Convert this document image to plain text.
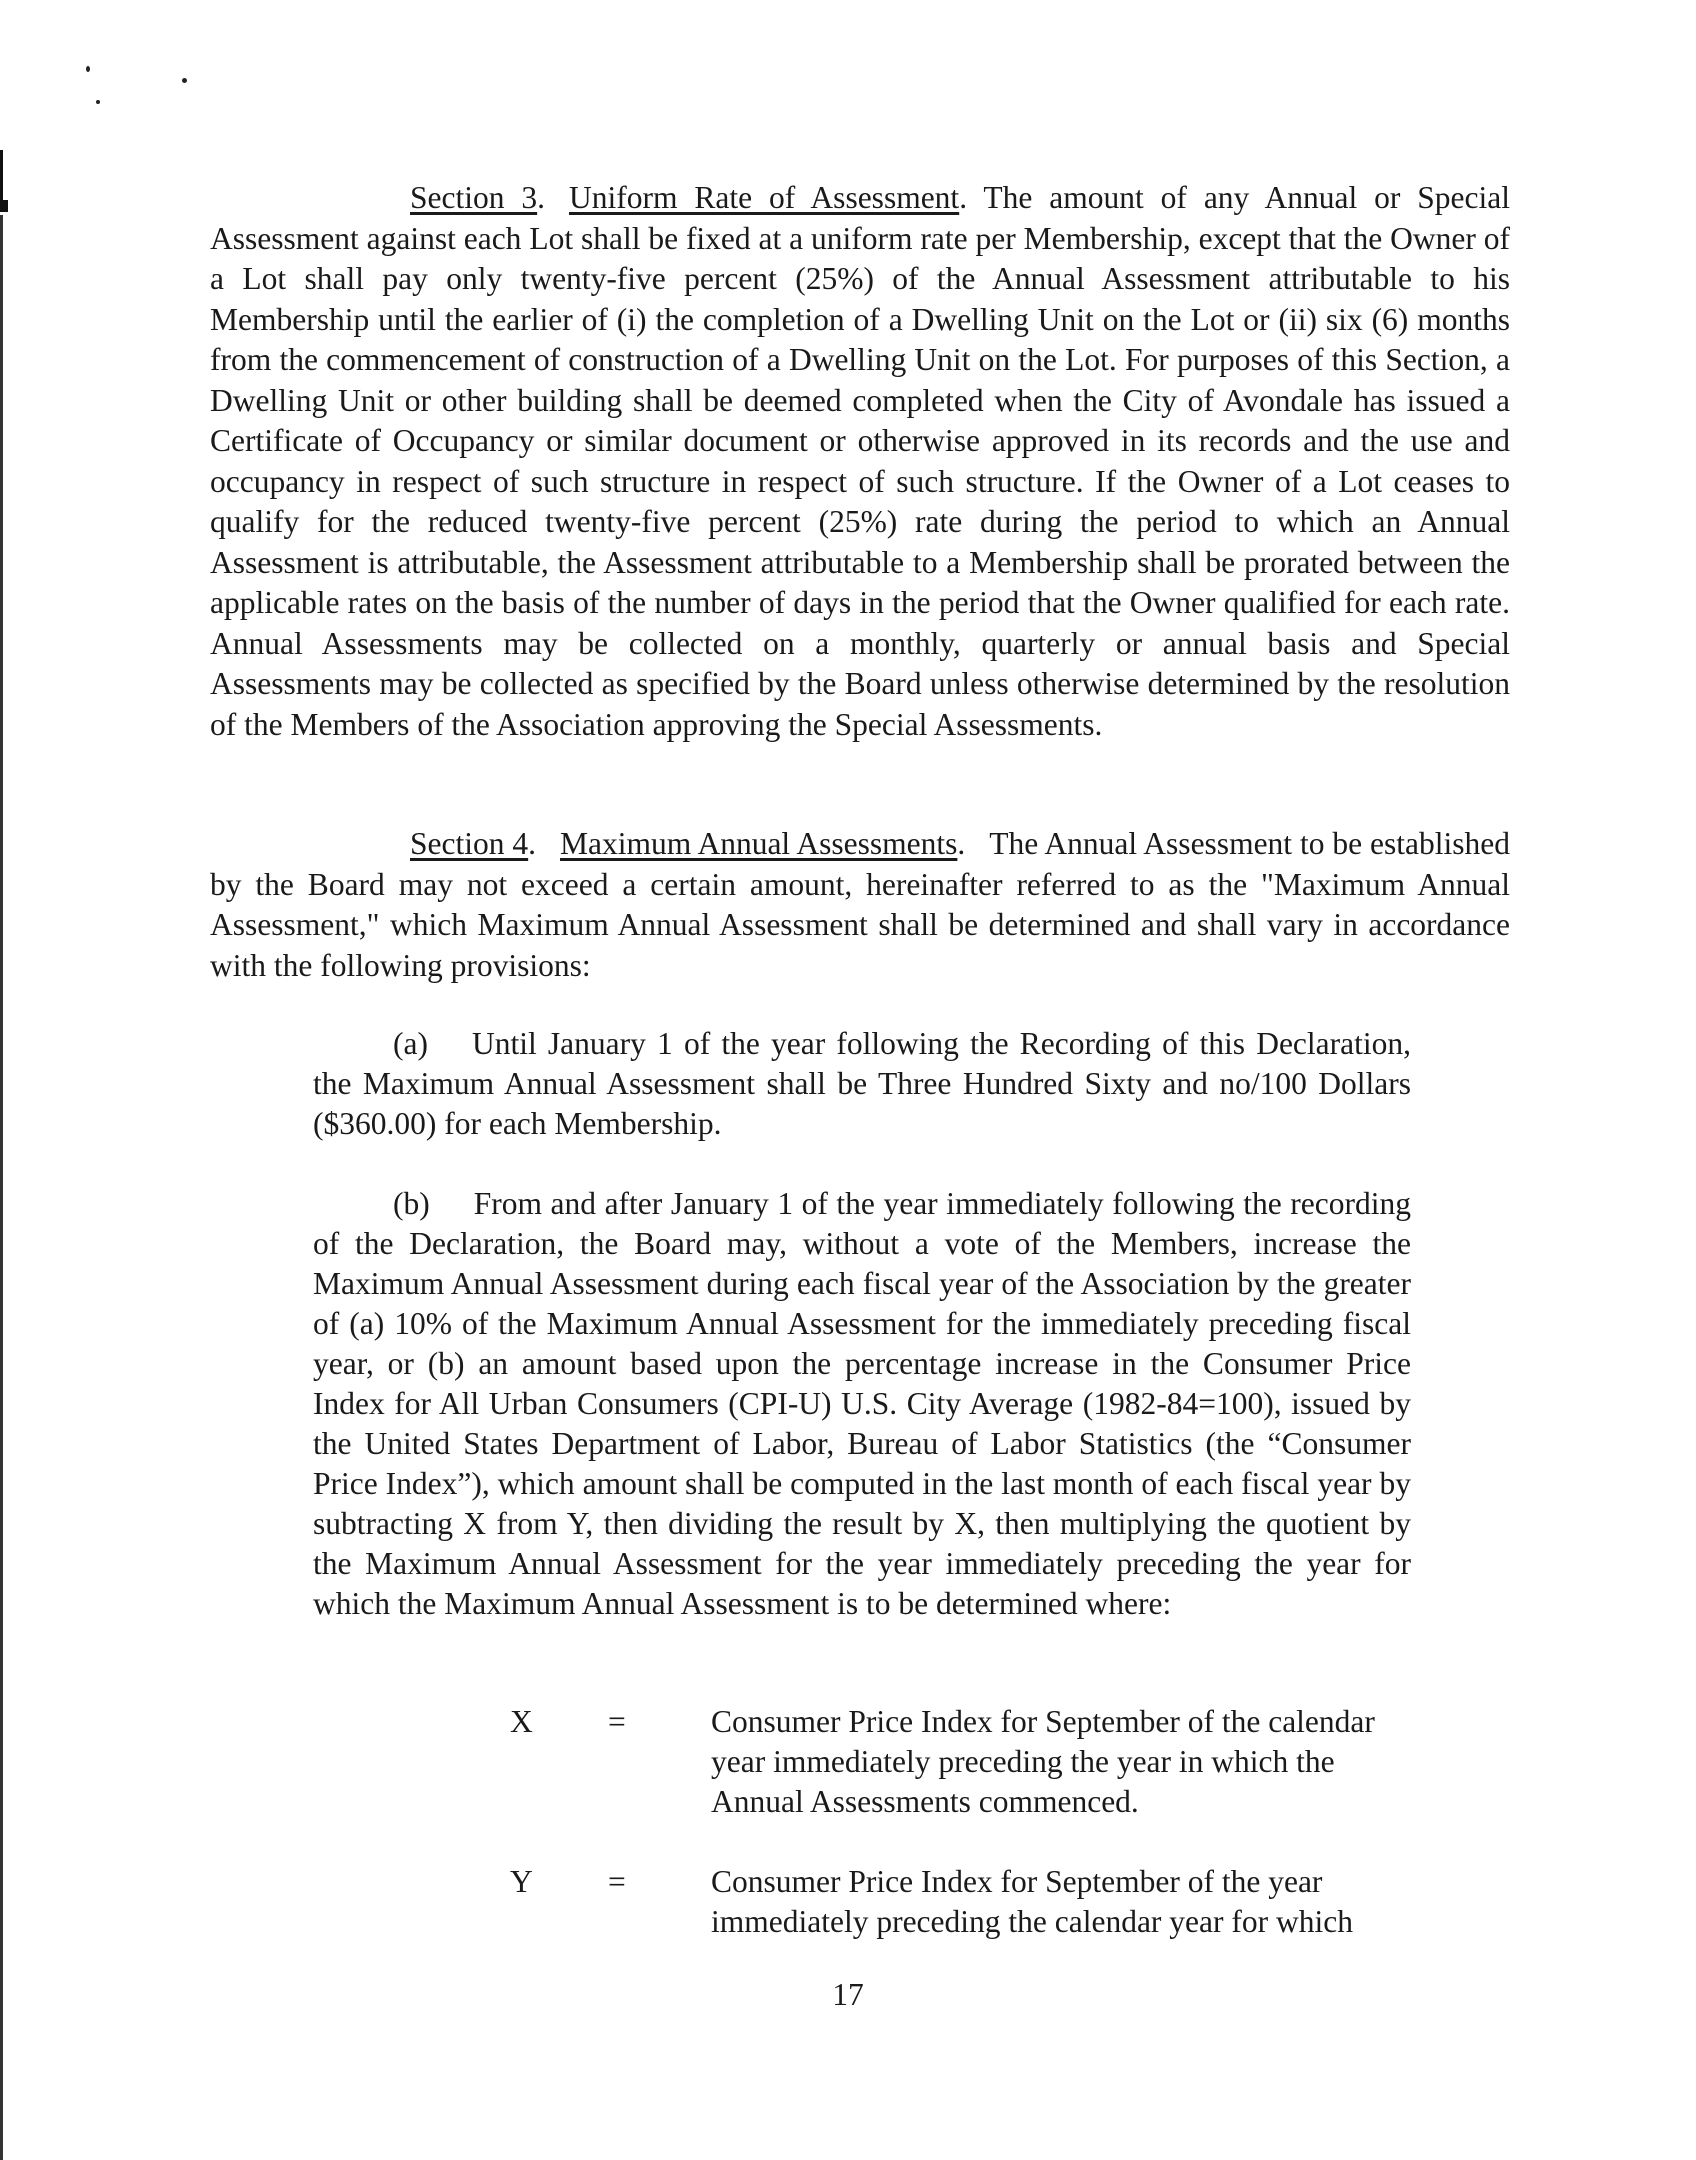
Section 3. Uniform Rate of Assessment. The amount of any Annual or Special Assessment against each Lot shall be fixed at a uniform rate per Membership, except that the Owner of a Lot shall pay only twenty-five percent (25%) of the Annual Assessment attributable to his Membership until the earlier of (i) the completion of a Dwelling Unit on the Lot or (ii) six (6) months from the commencement of construction of a Dwelling Unit on the Lot. For purposes of this Section, a Dwelling Unit or other building shall be deemed completed when the City of Avondale has issued a Certificate of Occupancy or similar document or otherwise approved in its records and the use and occupancy in respect of such structure in respect of such structure. If the Owner of a Lot ceases to qualify for the reduced twenty-five percent (25%) rate during the period to which an Annual Assessment is attributable, the Assessment attributable to a Membership shall be prorated between the applicable rates on the basis of the number of days in the period that the Owner qualified for each rate. Annual Assessments may be collected on a monthly, quarterly or annual basis and Special Assessments may be collected as specified by the Board unless otherwise determined by the resolution of the Members of the Association approving the Special Assessments.

Section 4. Maximum Annual Assessments. The Annual Assessment to be established by the Board may not exceed a certain amount, hereinafter referred to as the "Maximum Annual Assessment," which Maximum Annual Assessment shall be determined and shall vary in accordance with the following provisions:

(a) Until January 1 of the year following the Recording of this Declaration, the Maximum Annual Assessment shall be Three Hundred Sixty and no/100 Dollars ($360.00) for each Membership.

(b) From and after January 1 of the year immediately following the recording of the Declaration, the Board may, without a vote of the Members, increase the Maximum Annual Assessment during each fiscal year of the Association by the greater of (a) 10% of the Maximum Annual Assessment for the immediately preceding fiscal year, or (b) an amount based upon the percentage increase in the Consumer Price Index for All Urban Consumers (CPI-U) U.S. City Average (1982-84=100), issued by the United States Department of Labor, Bureau of Labor Statistics (the “Consumer Price Index”), which amount shall be computed in the last month of each fiscal year by subtracting X from Y, then dividing the result by X, then multiplying the quotient by the Maximum Annual Assessment for the year immediately preceding the year for which the Maximum Annual Assessment is to be determined where:

X =	Consumer Price Index for September of the calendar year immediately preceding the year in which the Annual Assessments commenced.

Y =	Consumer Price Index for September of the year immediately preceding the calendar year for which

17
